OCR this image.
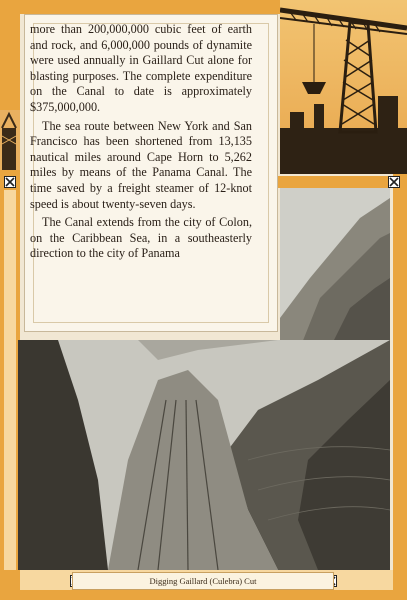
more than 200,000,000 cubic feet of earth and rock, and 6,000,000 pounds of dynamite were used annually in Gaillard Cut alone for blasting purposes. The complete expenditure on the Canal to date is approximately $375,000,000.

The sea route between New York and San Francisco has been shortened from 13,135 nautical miles around Cape Horn to 5,262 miles by means of the Panama Canal. The time saved by a freight steamer of 12-knot speed is about twenty-seven days.

The Canal extends from the city of Colon, on the Caribbean Sea, in a southeasterly direction to the city of Panama

Digging Gaillard (Culebra) Cut
